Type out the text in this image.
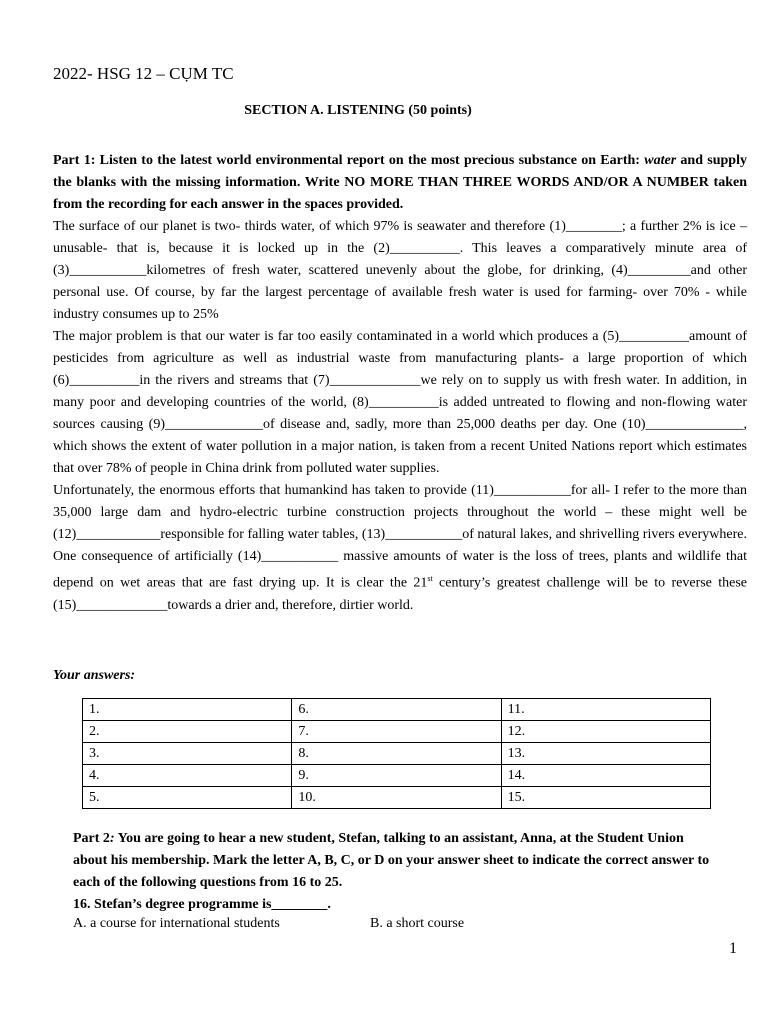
2022- HSG 12 – CỤM TC
SECTION A. LISTENING (50 points)

Part 1: Listen to the latest world environmental report on the most precious substance on Earth: water and supply the blanks with the missing information. Write NO MORE THAN THREE WORDS AND/OR A NUMBER taken from the recording for each answer in the spaces provided.

The surface of our planet is two- thirds water, of which 97% is seawater and therefore (1)________; a further 2% is ice – unusable- that is, because it is locked up in the (2)__________. This leaves a comparatively minute area of (3)___________kilometres of fresh water, scattered unevenly about the globe, for drinking, (4)_________and other personal use. Of course, by far the largest percentage of available fresh water is used for farming- over 70% - while industry consumes up to 25%

The major problem is that our water is far too easily contaminated in a world which produces a (5)__________amount of pesticides from agriculture as well as industrial waste from manufacturing plants- a large proportion of which (6)__________in the rivers and streams that (7)_____________we rely on to supply us with fresh water. In addition, in many poor and developing countries of the world, (8)__________is added untreated to flowing and non-flowing water sources causing (9)______________of disease and, sadly, more than 25,000 deaths per day. One (10)______________, which shows the extent of water pollution in a major nation, is taken from a recent United Nations report which estimates that over 78% of people in China drink from polluted water supplies.

Unfortunately, the enormous efforts that humankind has taken to provide (11)___________for all- I refer to the more than 35,000 large dam and hydro-electric turbine construction projects throughout the world – these might well be (12)____________responsible for falling water tables, (13)___________of natural lakes, and shrivelling rivers everywhere. One consequence of artificially (14)___________ massive amounts of water is the loss of trees, plants and wildlife that depend on wet areas that are fast drying up. It is clear the 21st century’s greatest challenge will be to reverse these (15)_____________towards a drier and, therefore, dirtier world.

Your answers:
1.	6.	11.
2.	7.	12.
3.	8.	13.
4.	9.	14.
5.	10.	15.

Part 2: You are going to hear a new student, Stefan, talking to an assistant, Anna, at the Student Union about his membership. Mark the letter A, B, C, or D on your answer sheet to indicate the correct answer to each of the following questions from 16 to 25.

16. Stefan’s degree programme is________.

A. a course for international students	B. a short course
1
